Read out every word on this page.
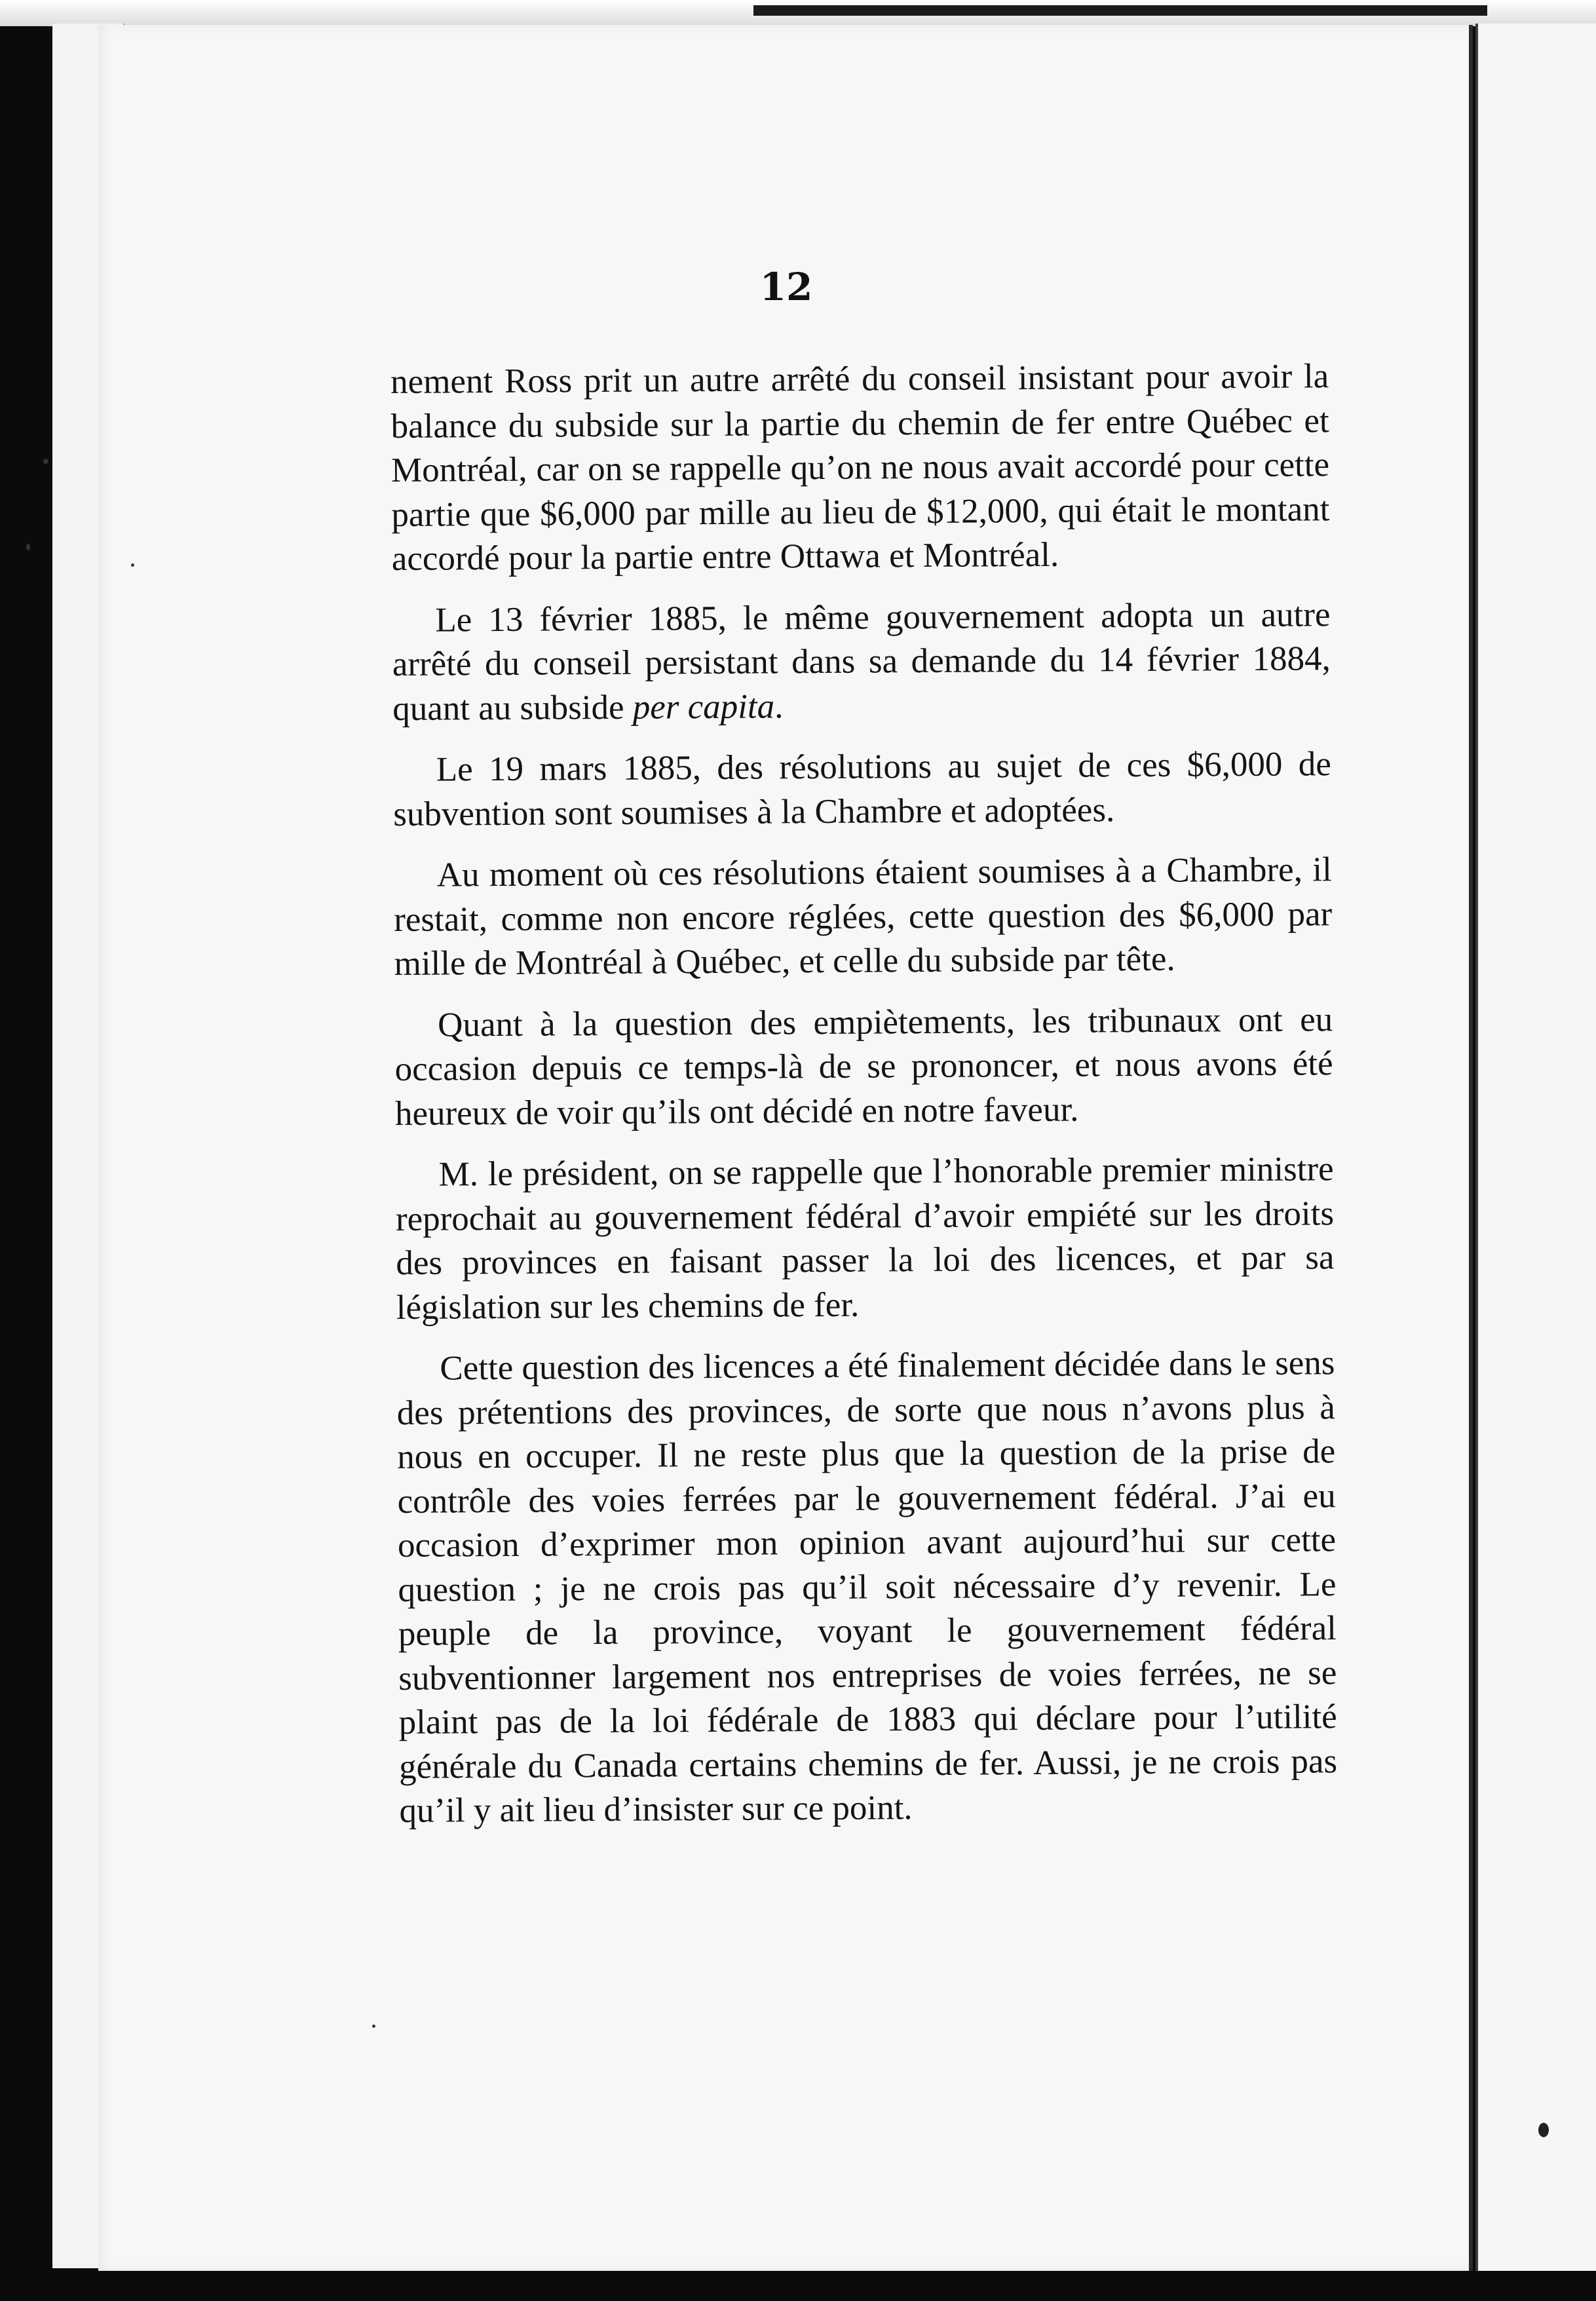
12

nement Ross prit un autre arrêté du conseil insistant pour avoir la balance du subside sur la partie du chemin de fer entre Québec et Montréal, car on se rappelle qu’on ne nous avait accordé pour cette partie que $6,000 par mille au lieu de $12,000, qui était le montant accordé pour la partie entre Ottawa et Montréal.

Le 13 février 1885, le même gouvernement adopta un autre arrêté du conseil persistant dans sa demande du 14 février 1884, quant au subside per capita.

Le 19 mars 1885, des résolutions au sujet de ces $6,000 de subvention sont soumises à la Chambre et adoptées.

Au moment où ces résolutions étaient soumises à a Chambre, il restait, comme non encore réglées, cette question des $6,000 par mille de Montréal à Québec, et celle du subside par tête.

Quant à la question des empiètements, les tribunaux ont eu occasion depuis ce temps-là de se prononcer, et nous avons été heureux de voir qu’ils ont décidé en notre faveur.

M. le président, on se rappelle que l’honorable premier ministre reprochait au gouvernement fédéral d’avoir empiété sur les droits des provinces en faisant passer la loi des licences, et par sa législation sur les chemins de fer.

Cette question des licences a été finalement décidée dans le sens des prétentions des provinces, de sorte que nous n’avons plus à nous en occuper. Il ne reste plus que la question de la prise de contrôle des voies ferrées par le gouvernement fédéral. J’ai eu occasion d’exprimer mon opinion avant aujourd’hui sur cette question ; je ne crois pas qu’il soit nécessaire d’y revenir. Le peuple de la province, voyant le gouvernement fédéral subventionner largement nos entreprises de voies ferrées, ne se plaint pas de la loi fédérale de 1883 qui déclare pour l’utilité générale du Canada certains chemins de fer. Aussi, je ne crois pas qu’il y ait lieu d’insister sur ce point.
